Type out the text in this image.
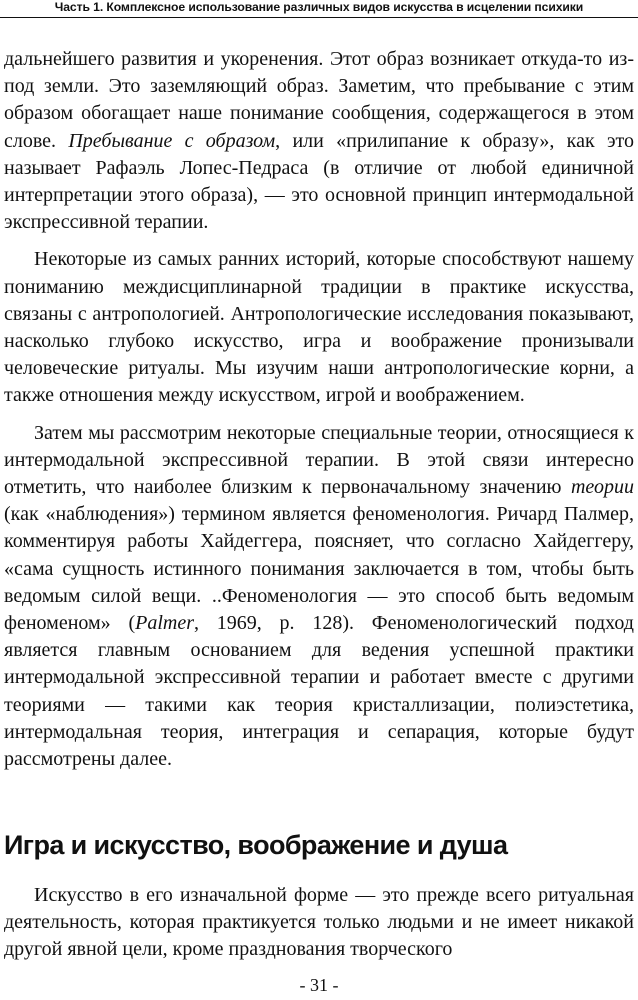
Часть 1. Комплексное использование различных видов искусства в исцелении психики

дальнейшего развития и укоренения. Этот образ возникает откуда-то из-под земли. Это заземляющий образ. Заметим, что пребывание с этим образом обогащает наше понимание сообщения, содержащегося в этом слове. Пребывание с образом, или «прилипание к образу», как это называет Рафаэль Лопес-Педраса (в отличие от любой единичной интерпретации этого образа), — это основной принцип интермодальной экспрессивной терапии.

Некоторые из самых ранних историй, которые способствуют нашему пониманию междисциплинарной традиции в практике искусства, связаны с антропологией. Антропологические исследования показывают, насколько глубоко искусство, игра и воображение пронизывали человеческие ритуалы. Мы изучим наши антропологические корни, а также отношения между искусством, игрой и воображением.

Затем мы рассмотрим некоторые специальные теории, относящиеся к интермодальной экспрессивной терапии. В этой связи интересно отметить, что наиболее близким к первоначальному значению теории (как «наблюдения») термином является феноменология. Ричард Палмер, комментируя работы Хайдеггера, поясняет, что согласно Хайдеггеру, «сама сущность истинного понимания заключается в том, чтобы быть ведомым силой вещи. ..Феноменология — это способ быть ведомым феноменом» (Palmer, 1969, р. 128). Феноменологический подход является главным основанием для ведения успешной практики интермодальной экспрессивной терапии и работает вместе с другими теориями — такими как теория кристаллизации, полиэстетика, интермодальная теория, интеграция и сепарация, которые будут рассмотрены далее.

Игра и искусство, воображение и душа

Искусство в его изначальной форме — это прежде всего ритуальная деятельность, которая практикуется только людьми и не имеет никакой другой явной цели, кроме празднования творческого

- 31 -
